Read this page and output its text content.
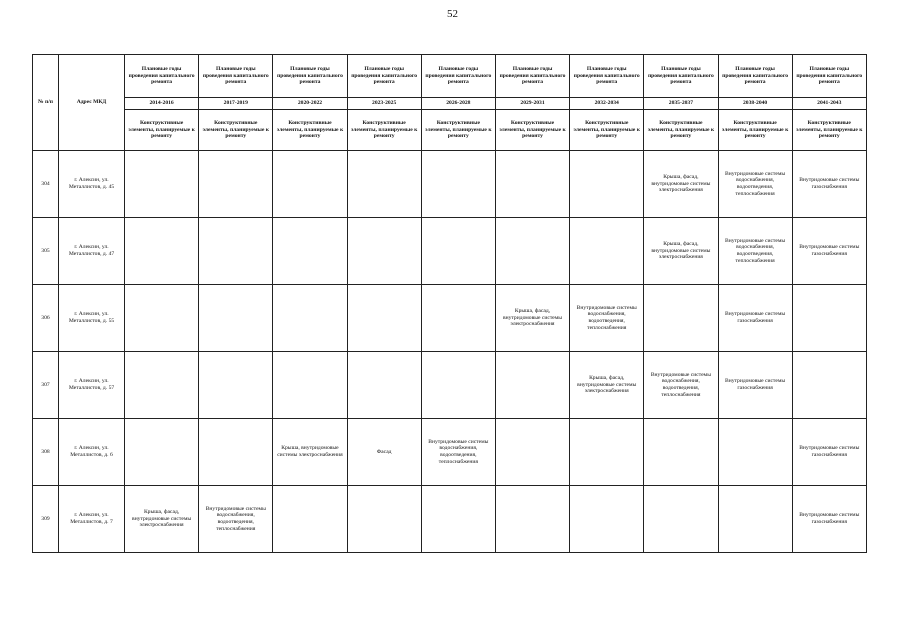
52
№ п/п	Адрес МКД	Плановые годы проведения капитального ремонта	Плановые годы проведения капитального ремонта	Плановые годы проведения капитального ремонта	Плановые годы проведения капитального ремонта	Плановые годы проведения капитального ремонта	Плановые годы проведения капитального ремонта	Плановые годы проведения капитального ремонта	Плановые годы проведения капитального ремонта	Плановые годы проведения капитального ремонта	Плановые годы проведения капитального ремонта
		2014-2016	2017-2019	2020-2022	2023-2025	2026-2028	2029-2031	2032-2034	2035-2037	2038-2040	2041-2043
		Конструктивные элементы, планируемые к ремонту	Конструктивные элементы, планируемые к ремонту	Конструктивные элементы, планируемые к ремонту	Конструктивные элементы, планируемые к ремонту	Конструктивные элементы, планируемые к ремонту	Конструктивные элементы, планируемые к ремонту	Конструктивные элементы, планируемые к ремонту	Конструктивные элементы, планируемые к ремонту	Конструктивные элементы, планируемые к ремонту	Конструктивные элементы, планируемые к ремонту
304	г. Алексин, ул. Металлистов, д. 45								Крыша, фасад, внутридомовые системы электроснабжения	Внутридомовые системы водоснабжения, водоотведения, теплоснабжения	Внутридомовые системы газоснабжения
305	г. Алексин, ул. Металлистов, д. 47								Крыша, фасад, внутридомовые системы электроснабжения	Внутридомовые системы водоснабжения, водоотведения, теплоснабжения	Внутридомовые системы газоснабжения
306	г. Алексин, ул. Металлистов, д. 55						Крыша, фасад, внутридомовые системы электроснабжения	Внутридомовые системы водоснабжения, водоотведения, теплоснабжения		Внутридомовые системы газоснабжения	
307	г. Алексин, ул. Металлистов, д. 57							Крыша, фасад, внутридомовые системы электроснабжения	Внутридомовые системы водоснабжения, водоотведения, теплоснабжения	Внутридомовые системы газоснабжения	
308	г. Алексин, ул. Металлистов, д. 6			Крыша, внутридомовые системы электроснабжения	Фасад	Внутридомовые системы водоснабжения, водоотведения, теплоснабжения					Внутридомовые системы газоснабжения
309	г. Алексин, ул. Металлистов, д. 7	Крыша, фасад, внутридомовые системы электроснабжения	Внутридомовые системы водоснабжения, водоотведения, теплоснабжения								Внутридомовые системы газоснабжения
